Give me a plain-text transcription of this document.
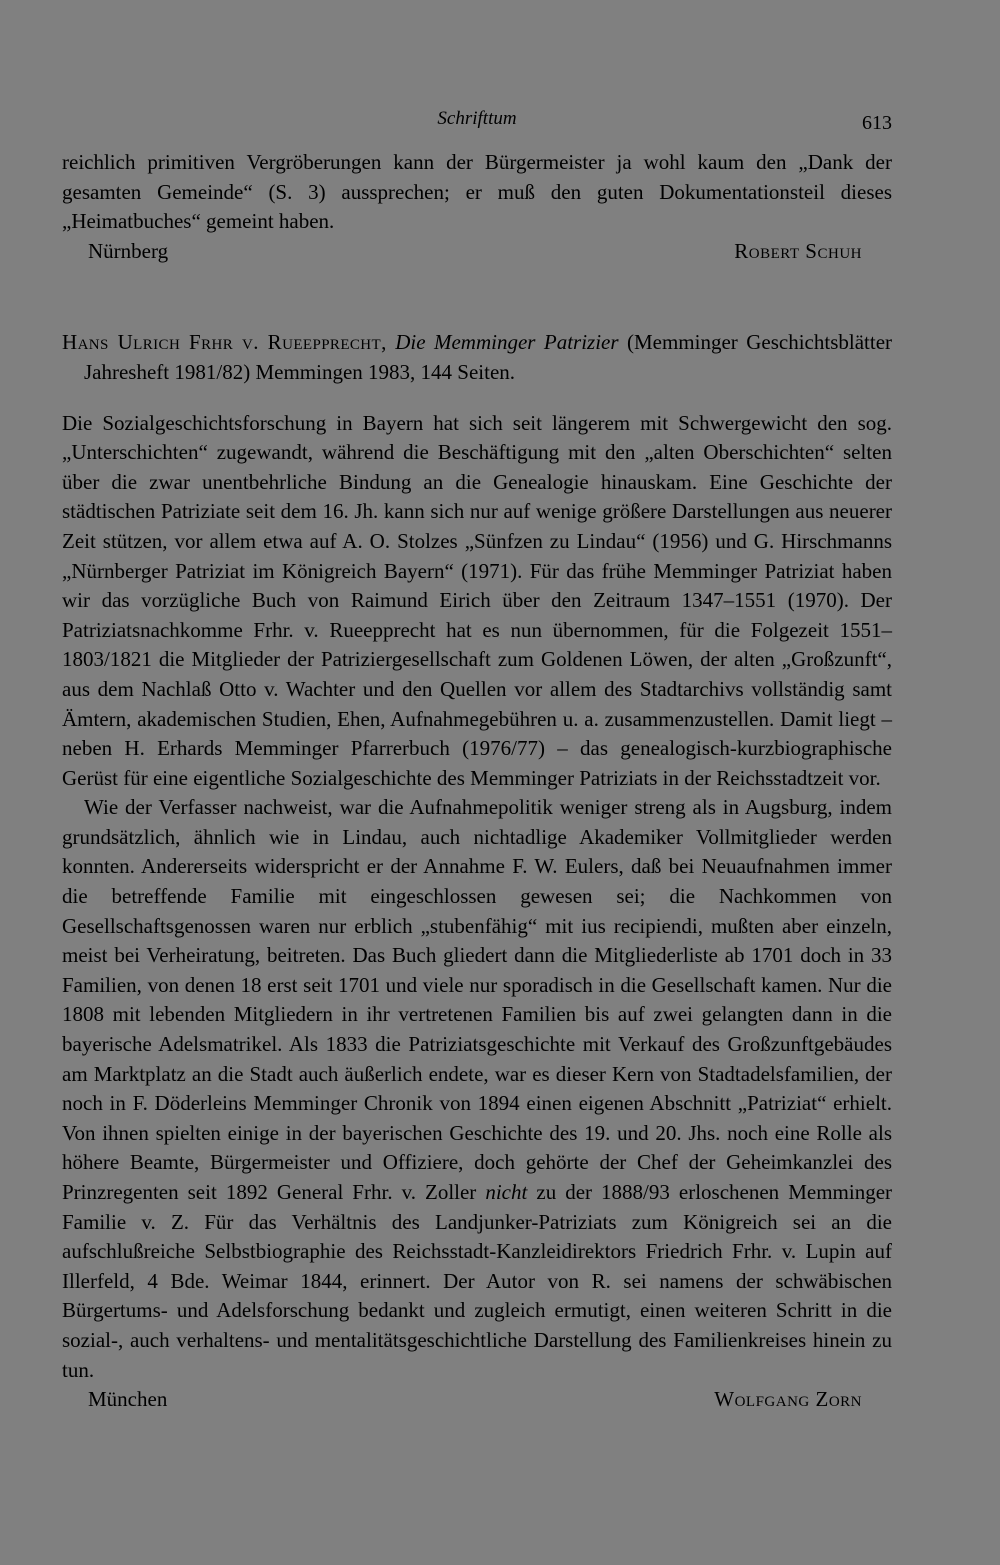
Schrifttum	613

reichlich primitiven Vergröberungen kann der Bürgermeister ja wohl kaum den „Dank der gesamten Gemeinde“ (S. 3) aussprechen; er muß den guten Dokumentationsteil dieses „Heimatbuches“ gemeint haben.

Nürnberg	Robert Schuh

Hans Ulrich Frhr v. Rueepprecht, Die Memminger Patrizier (Memminger Geschichtsblätter Jahresheft 1981/82) Memmingen 1983, 144 Seiten.

Die Sozialgeschichtsforschung in Bayern hat sich seit längerem mit Schwergewicht den sog. „Unterschichten“ zugewandt, während die Beschäftigung mit den „alten Oberschichten“ selten über die zwar unentbehrliche Bindung an die Genealogie hinauskam. Eine Geschichte der städtischen Patriziate seit dem 16. Jh. kann sich nur auf wenige größere Darstellungen aus neuerer Zeit stützen, vor allem etwa auf A. O. Stolzes „Sünfzen zu Lindau“ (1956) und G. Hirschmanns „Nürnberger Patriziat im Königreich Bayern“ (1971). Für das frühe Memminger Patriziat haben wir das vorzügliche Buch von Raimund Eirich über den Zeitraum 1347–1551 (1970). Der Patriziatsnachkomme Frhr. v. Rueepprecht hat es nun übernommen, für die Folgezeit 1551–1803/1821 die Mitglieder der Patriziergesellschaft zum Goldenen Löwen, der alten „Großzunft“, aus dem Nachlaß Otto v. Wachter und den Quellen vor allem des Stadtarchivs vollständig samt Ämtern, akademischen Studien, Ehen, Aufnahmegebühren u. a. zusammenzustellen. Damit liegt – neben H. Erhards Memminger Pfarrerbuch (1976/77) – das genealogisch-kurzbiographische Gerüst für eine eigentliche Sozialgeschichte des Memminger Patriziats in der Reichsstadtzeit vor.

Wie der Verfasser nachweist, war die Aufnahmepolitik weniger streng als in Augsburg, indem grundsätzlich, ähnlich wie in Lindau, auch nichtadlige Akademiker Vollmitglieder werden konnten. Andererseits widerspricht er der Annahme F. W. Eulers, daß bei Neuaufnahmen immer die betreffende Familie mit eingeschlossen gewesen sei; die Nachkommen von Gesellschaftsgenossen waren nur erblich „stubenfähig“ mit ius recipiendi, mußten aber einzeln, meist bei Verheiratung, beitreten. Das Buch gliedert dann die Mitgliederliste ab 1701 doch in 33 Familien, von denen 18 erst seit 1701 und viele nur sporadisch in die Gesellschaft kamen. Nur die 1808 mit lebenden Mitgliedern in ihr vertretenen Familien bis auf zwei gelangten dann in die bayerische Adelsmatrikel. Als 1833 die Patriziatsgeschichte mit Verkauf des Großzunftgebäudes am Marktplatz an die Stadt auch äußerlich endete, war es dieser Kern von Stadtadelsfamilien, der noch in F. Döderleins Memminger Chronik von 1894 einen eigenen Abschnitt „Patriziat“ erhielt. Von ihnen spielten einige in der bayerischen Geschichte des 19. und 20. Jhs. noch eine Rolle als höhere Beamte, Bürgermeister und Offiziere, doch gehörte der Chef der Geheimkanzlei des Prinzregenten seit 1892 General Frhr. v. Zoller nicht zu der 1888/93 erloschenen Memminger Familie v. Z. Für das Verhältnis des Landjunker-Patriziats zum Königreich sei an die aufschlußreiche Selbstbiographie des Reichsstadt-Kanzleidirektors Friedrich Frhr. v. Lupin auf Illerfeld, 4 Bde. Weimar 1844, erinnert. Der Autor von R. sei namens der schwäbischen Bürgertums- und Adelsforschung bedankt und zugleich ermutigt, einen weiteren Schritt in die sozial-, auch verhaltens- und mentalitätsgeschichtliche Darstellung des Familienkreises hinein zu tun.

München	Wolfgang Zorn
